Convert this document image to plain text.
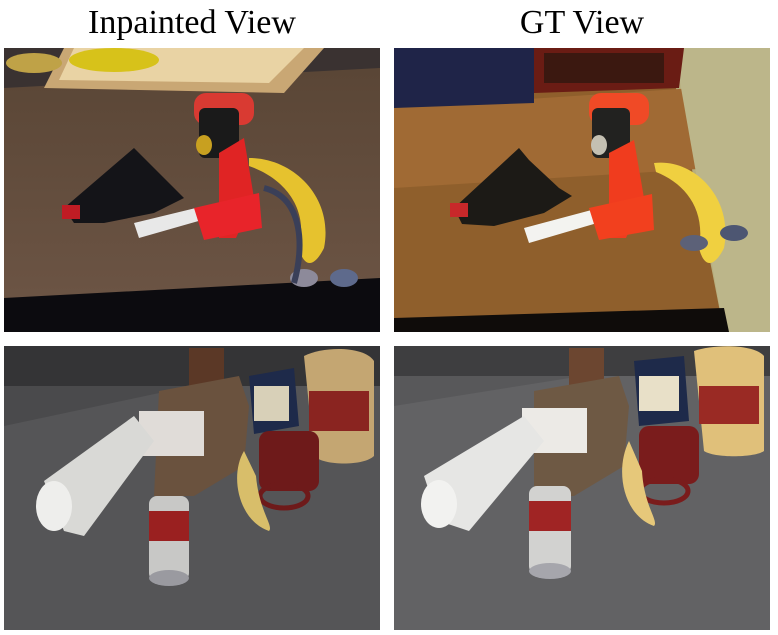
Inpainted View	GT View
